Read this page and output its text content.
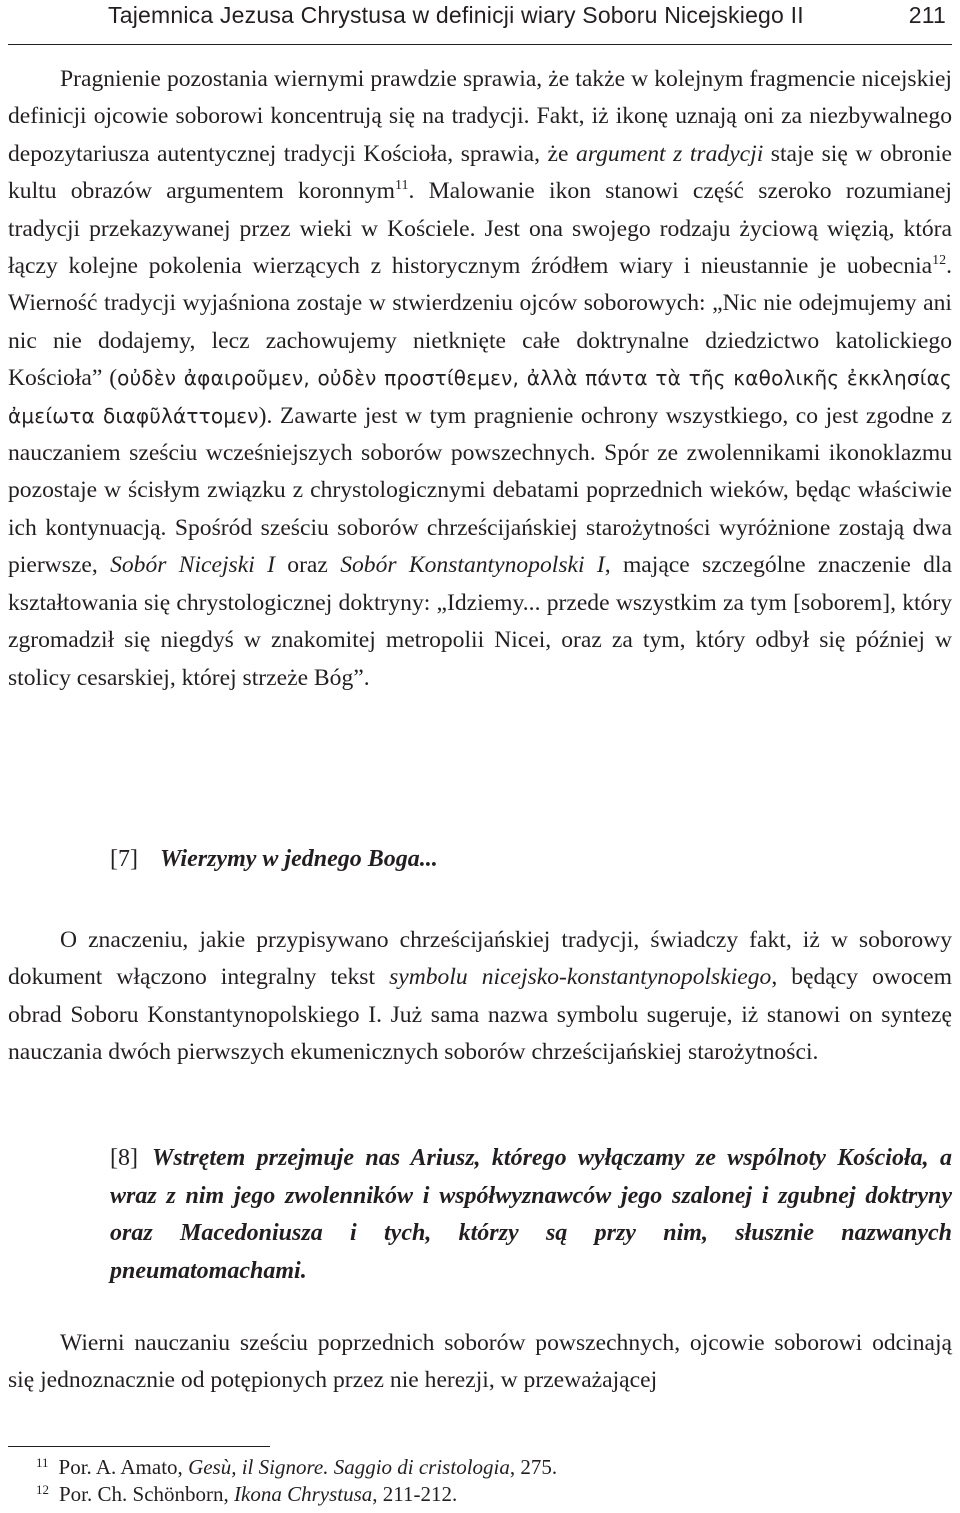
Tajemnica Jezusa Chrystusa w definicji wiary Soboru Nicejskiego II	211

Pragnienie pozostania wiernymi prawdzie sprawia, że także w kolejnym fragmencie nicejskiej definicji ojcowie soborowi koncentrują się na tradycji. Fakt, iż ikonę uznają oni za niezbywalnego depozytariusza autentycznej tradycji Kościoła, sprawia, że argument z tradycji staje się w obronie kultu obrazów argumentem koronnym$^{11}$. Malowanie ikon stanowi część szeroko rozumianej tradycji przekazywanej przez wieki w Kościele. Jest ona swojego rodzaju życiową więzią, która łączy kolejne pokolenia wierzących z historycznym źródłem wiary i nieustannie je uobecnia$^{12}$. Wierność tradycji wyjaśniona zostaje w stwierdzeniu ojców soborowych: „Nic nie odejmujemy ani nic nie dodajemy, lecz zachowujemy nietknięte całe doktrynalne dziedzictwo katolickiego Kościoła” (οὐδὲν ἀφαιροῦμεν, οὐδὲν προστίθεμεν, ἀλλὰ πάντα τὰ τῆς καθολικῆς ἐκκλησίας ἀμείωτα διαφῦλάττομεν). Zawarte jest w tym pragnienie ochrony wszystkiego, co jest zgodne z nauczaniem sześciu wcześniejszych soborów powszechnych. Spór ze zwolennikami ikonoklazmu pozostaje w ścisłym związku z chrystologicznymi debatami poprzednich wieków, będąc właściwie ich kontynuacją. Spośród sześciu soborów chrześcijańskiej starożytności wyróżnione zostają dwa pierwsze, Sobór Nicejski I oraz Sobór Konstantynopolski I, mające szczególne znaczenie dla kształtowania się chrystologicznej doktryny: „Idziemy... przede wszystkim za tym [soborem], który zgromadził się niegdyś w znakomitej metropolii Nicei, oraz za tym, który odbył się później w stolicy cesarskiej, której strzeże Bóg”.

[7] Wierzymy w jednego Boga...

O znaczeniu, jakie przypisywano chrześcijańskiej tradycji, świadczy fakt, iż w soborowy dokument włączono integralny tekst symbolu nicejsko-konstantynopolskiego, będący owocem obrad Soboru Konstantynopolskiego I. Już sama nazwa symbolu sugeruje, iż stanowi on syntezę nauczania dwóch pierwszych ekumenicznych soborów chrześcijańskiej starożytności.

[8] Wstrętem przejmuje nas Ariusz, którego wyłączamy ze wspólnoty Kościoła, a wraz z nim jego zwolenników i współwyznawców jego szalonej i zgubnej doktryny oraz Macedoniusza i tych, którzy są przy nim, słusznie nazwanych pneumatomachami.

Wierni nauczaniu sześciu poprzednich soborów powszechnych, ojcowie soborowi odcinają się jednoznacznie od potępionych przez nie herezji, w przeważającej

$^{11}$ Por. A. Amato, Gesù, il Signore. Saggio di cristologia, 275.
$^{12}$ Por. Ch. Schönborn, Ikona Chrystusa, 211-212.
